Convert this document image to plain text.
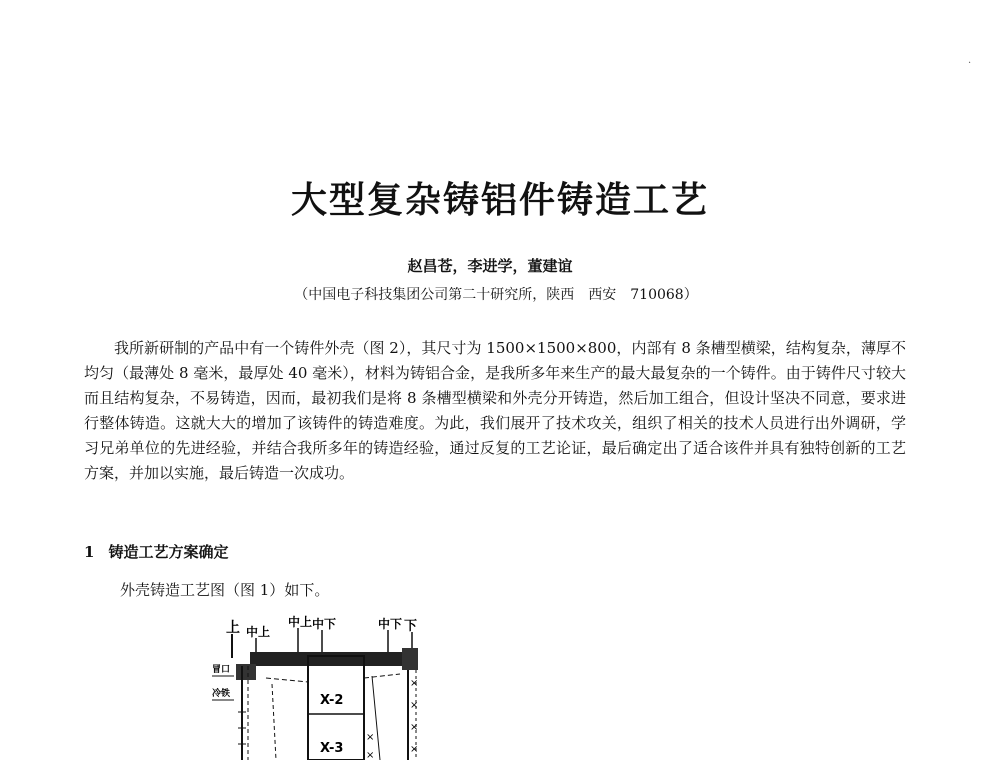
·
大型复杂铸铝件铸造工艺
赵昌苍，李进学，董建谊
（中国电子科技集团公司第二十研究所，陕西　西安　710068）

我所新研制的产品中有一个铸件外壳（图 2），其尺寸为 1500×1500×800，内部有 8 条槽型横梁，结构复杂，薄厚不均匀（最薄处 8 毫米，最厚处 40 毫米），材料为铸铝合金，是我所多年来生产的最大最复杂的一个铸件。由于铸件尺寸较大而且结构复杂，不易铸造，因而，最初我们是将 8 条槽型横梁和外壳分开铸造，然后加工组合，但设计坚决不同意，要求进行整体铸造。这就大大的增加了该铸件的铸造难度。为此，我们展开了技术攻关，组织了相关的技术人员进行出外调研，学习兄弟单位的先进经验，并结合我所多年的铸造经验，通过反复的工艺论证，最后确定出了适合该件并具有独特创新的工艺方案，并加以实施，最后铸造一次成功。

1 铸造工艺方案确定
外壳铸造工艺图（图 1）如下。
上 中上
中上 中下	中下 下
冒口
冷铁	X-2
X-3
×
×
×
×
×
×
